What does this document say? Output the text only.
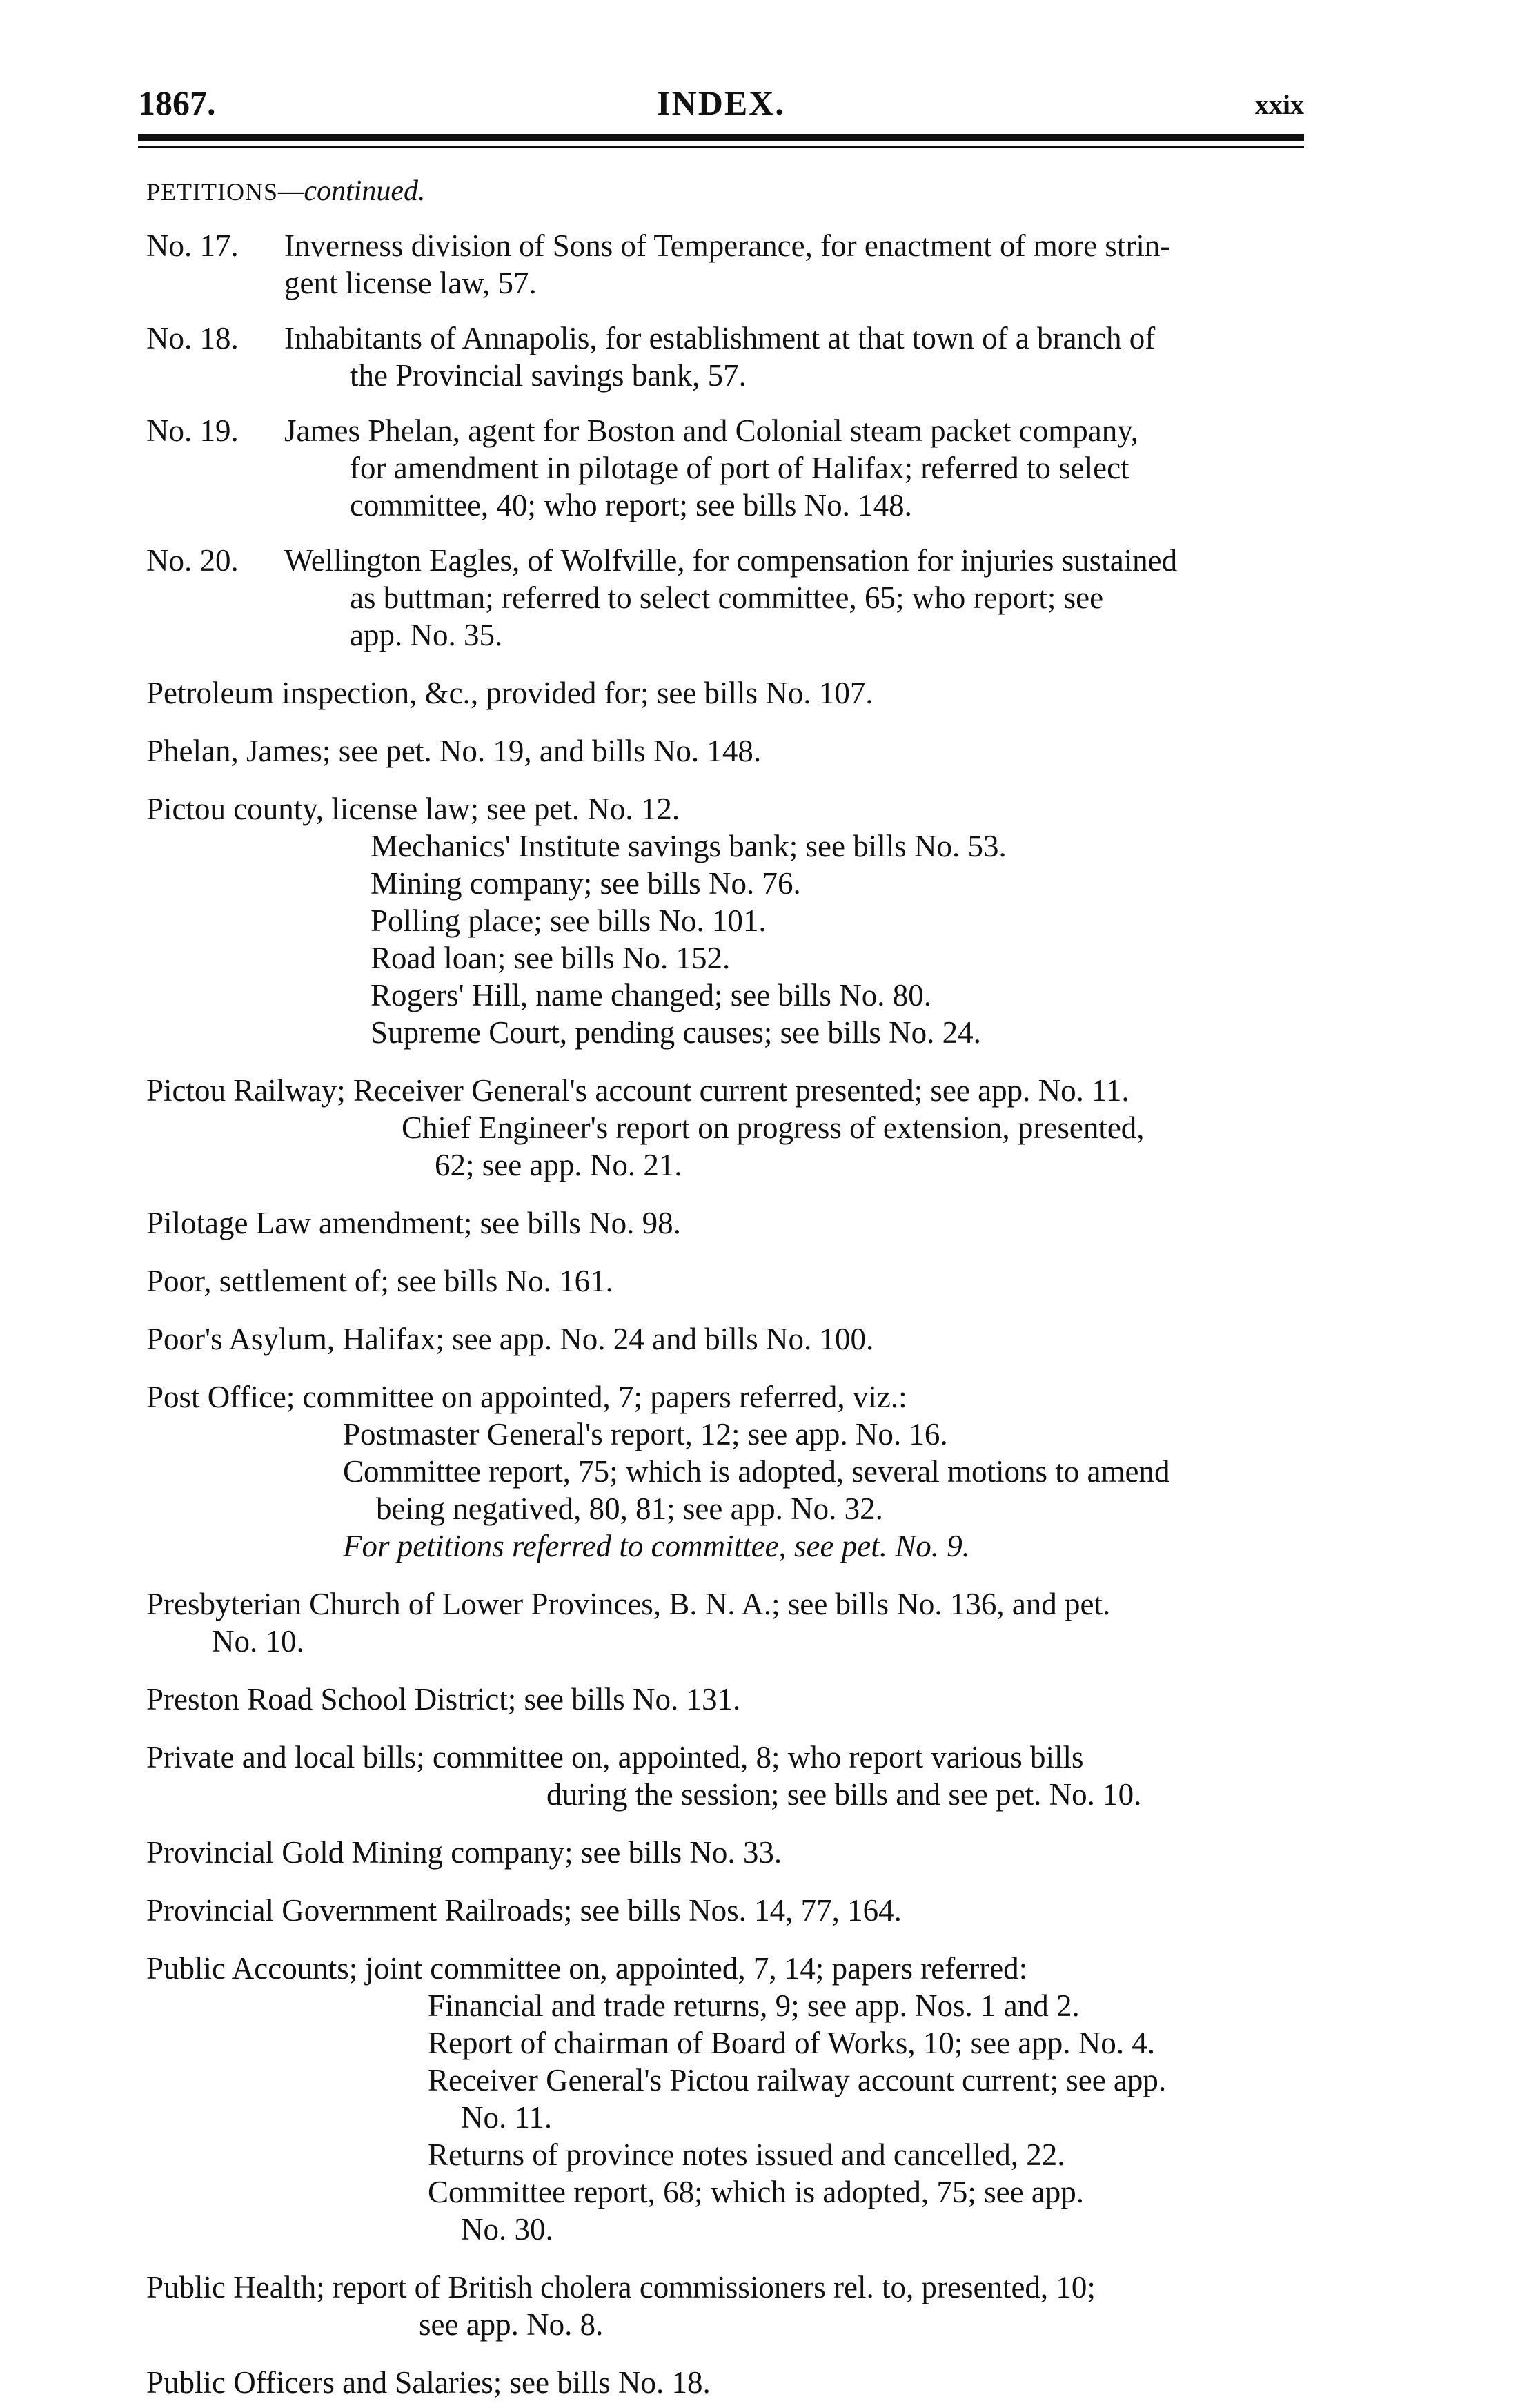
1867.	INDEX.	xxix
PETITIONS—continued.
No. 17.	Inverness division of Sons of Temperance, for enactment of more strin-
gent license law, 57.
No. 18.	Inhabitants of Annapolis, for establishment at that town of a branch of
the Provincial savings bank, 57.
No. 19.	James Phelan, agent for Boston and Colonial steam packet company,
for amendment in pilotage of port of Halifax; referred to select
committee, 40; who report; see bills No. 148.
No. 20.	Wellington Eagles, of Wolfville, for compensation for injuries sustained
as buttman; referred to select committee, 65; who report; see
app. No. 35.
Petroleum inspection, &c., provided for; see bills No. 107.
Phelan, James; see pet. No. 19, and bills No. 148.
Pictou county, license law; see pet. No. 12.
Mechanics' Institute savings bank; see bills No. 53.
Mining company; see bills No. 76.
Polling place; see bills No. 101.
Road loan; see bills No. 152.
Rogers' Hill, name changed; see bills No. 80.
Supreme Court, pending causes; see bills No. 24.
Pictou Railway; Receiver General's account current presented; see app. No. 11.
Chief Engineer's report on progress of extension, presented,
62; see app. No. 21.
Pilotage Law amendment; see bills No. 98.
Poor, settlement of; see bills No. 161.
Poor's Asylum, Halifax; see app. No. 24 and bills No. 100.
Post Office; committee on appointed, 7; papers referred, viz.:
Postmaster General's report, 12; see app. No. 16.
Committee report, 75; which is adopted, several motions to amend
being negatived, 80, 81; see app. No. 32.
For petitions referred to committee, see pet. No. 9.
Presbyterian Church of Lower Provinces, B. N. A.; see bills No. 136, and pet.
No. 10.
Preston Road School District; see bills No. 131.
Private and local bills; committee on, appointed, 8; who report various bills
during the session; see bills and see pet. No. 10.
Provincial Gold Mining company; see bills No. 33.
Provincial Government Railroads; see bills Nos. 14, 77, 164.
Public Accounts; joint committee on, appointed, 7, 14; papers referred:
Financial and trade returns, 9; see app. Nos. 1 and 2.
Report of chairman of Board of Works, 10; see app. No. 4.
Receiver General's Pictou railway account current; see app.
No. 11.
Returns of province notes issued and cancelled, 22.
Committee report, 68; which is adopted, 75; see app.
No. 30.
Public Health; report of British cholera commissioners rel. to, presented, 10;
see app. No. 8.
Public Officers and Salaries; see bills No. 18.
